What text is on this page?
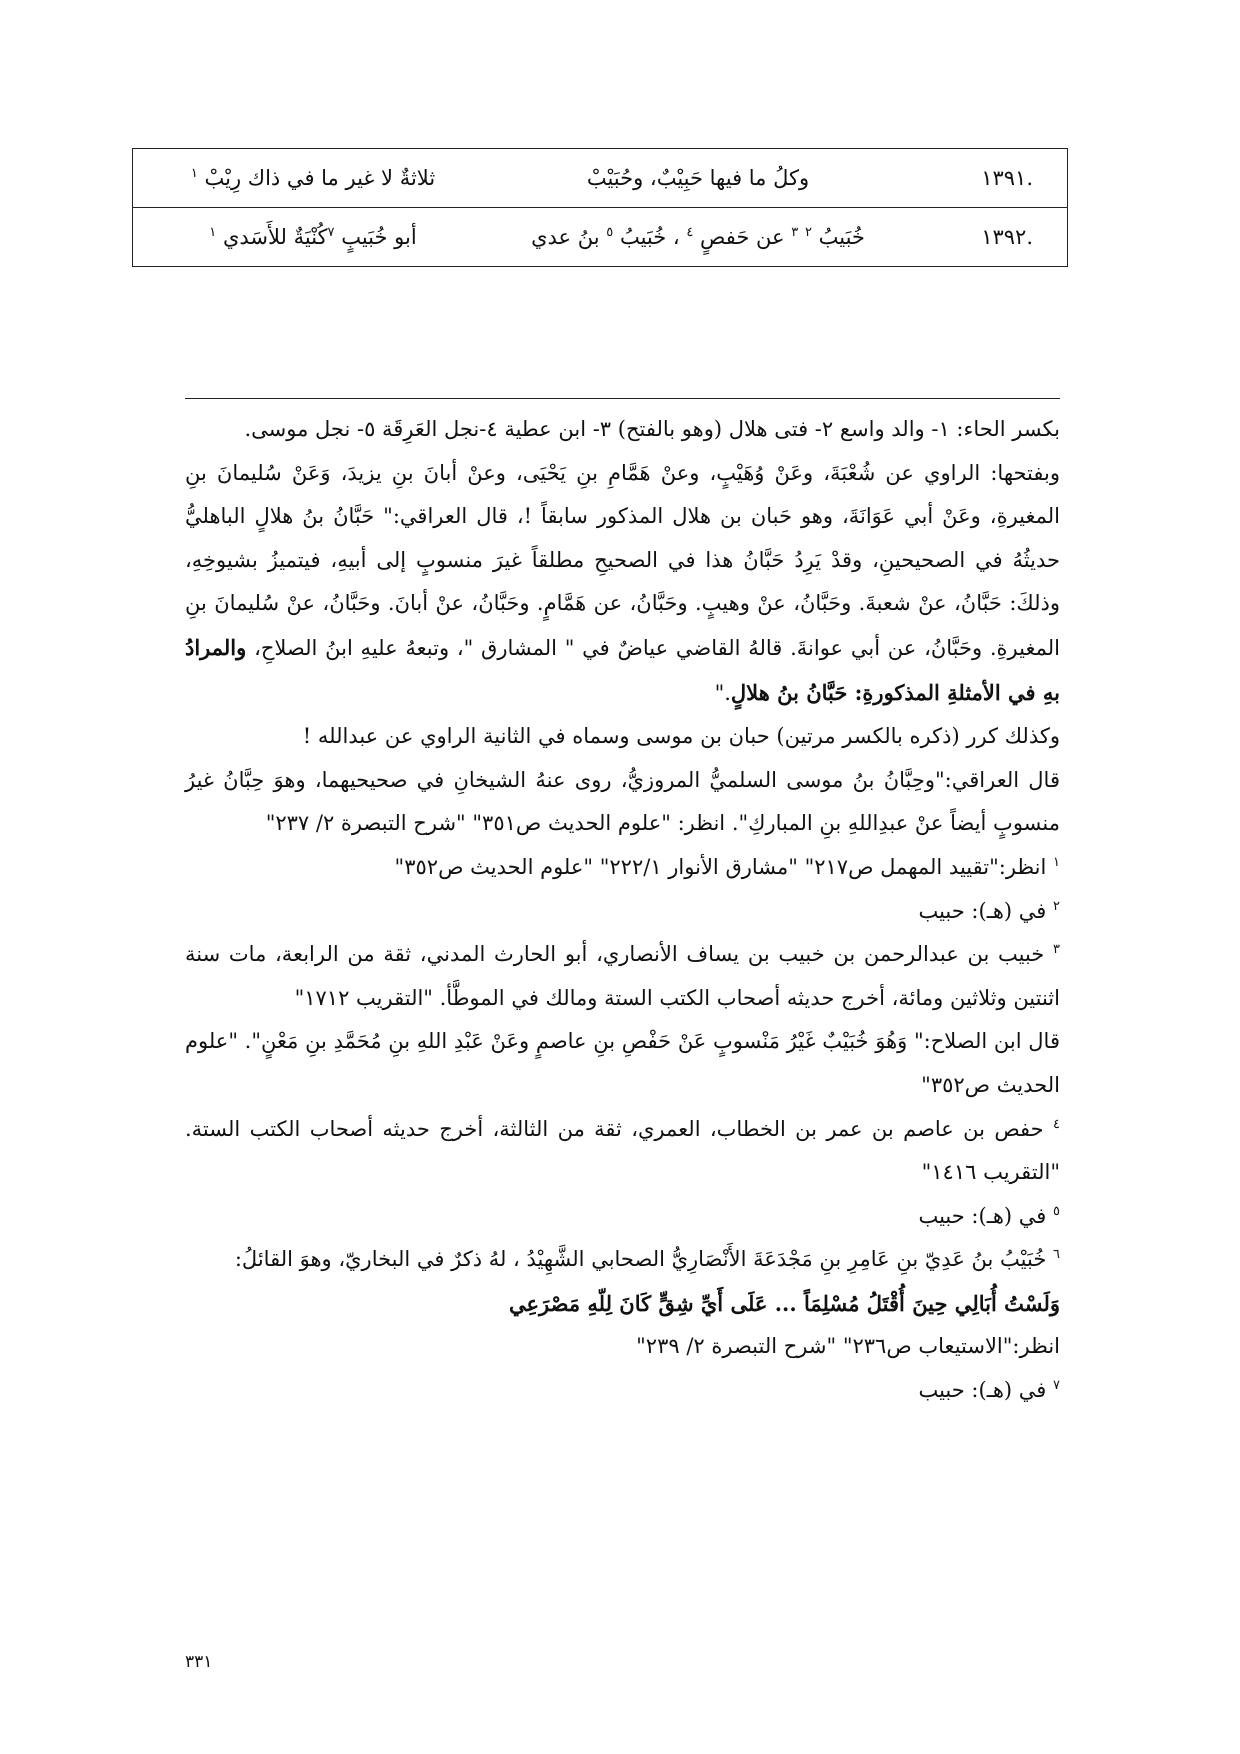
.١٣٩١	وكلُ ما فيها حَبِيْبٌ، وحُبَيْبْ	ثلاثةٌ لا غير ما في ذاك رِيْبْ $^١$
.١٣٩٢	خُبَيبُ $^٢$ $^٣$ عن حَفصٍ $^٤$ ، خُبَيبُ $^٥$ بنُ عدي	أبو خُبَيبٍ $^٧$كُنْيَةٌ للأَسَدي $^١$

بكسر الحاء: ١- والد واسع ٢- فتى هلال (وهو بالفتح) ٣- ابن عطية ٤-نجل العَرِقَة ٥- نجل موسى.

وبفتحها: الراوي عن شُعْبَةَ، وعَنْ وُهَيْبٍ، وعنْ هَمَّامِ بنِ يَحْيَى، وعنْ أبانَ بنِ يزيدَ، وَعَنْ سُليمانَ بنِ المغيرةِ، وعَنْ أبي عَوَانَةَ، وهو حَبان بن هلال المذكور سابقاً !، قال العراقي:" حَبَّانُ بنُ هلالٍ الباهليُّ حديثُهُ في الصحيحينِ، وقدْ يَرِدُ حَبَّانُ هذا في الصحيحِ مطلقاً غيرَ منسوبٍ إلى أبيهِ، فيتميزُ بشيوخِهِ، وذلكَ: حَبَّانُ، عنْ شعبةَ. وحَبَّانُ، عنْ وهيبٍ. وحَبَّانُ، عن هَمَّامٍ. وحَبَّانُ، عنْ أبانَ. وحَبَّانُ، عنْ سُليمانَ بنِ المغيرةِ. وحَبَّانُ، عن أبي عوانةَ. قالهُ القاضي عياضٌ في " المشارق "، وتبعهُ عليهِ ابنُ الصلاحِ، والمرادُ بهِ في الأمثلةِ المذكورةِ: حَبَّانُ بنُ هلالٍ."

وكذلك كرر (ذكره بالكسر مرتين) حبان بن موسى وسماه في الثانية الراوي عن عبدالله !

قال العراقي:"وحِبَّانُ بنُ موسى السلميُّ المروزيُّ، روى عنهُ الشيخانِ في صحيحيهما، وهوَ حِبَّانُ غيرُ منسوبٍ أيضاً عنْ عبدِاللهِ بنِ المباركِ". انظر: "علوم الحديث ص٣٥١" "شرح التبصرة ٢/ ٢٣٧"

$^١$ انظر:"تقييد المهمل ص٢١٧" "مشارق الأنوار ٢٢٢/١" "علوم الحديث ص٣٥٢"

$^٢$ في (هـ): حبيب

$^٣$ خبيب بن عبدالرحمن بن خبيب بن يساف الأنصاري، أبو الحارث المدني، ثقة من الرابعة، مات سنة اثنتين وثلاثين ومائة، أخرج حديثه أصحاب الكتب الستة ومالك في الموطَّأ. "التقريب ١٧١٢"

قال ابن الصلاح:" وَهُوَ خُبَيْبٌ غَيْرُ مَنْسوبٍ عَنْ حَفْصِ بنِ عاصمٍ وعَنْ عَبْدِ اللهِ بنِ مُحَمَّدِ بنِ مَعْنٍ". "علوم الحديث ص٣٥٢"

$^٤$ حفص بن عاصم بن عمر بن الخطاب، العمري، ثقة من الثالثة، أخرج حديثه أصحاب الكتب الستة. "التقريب ١٤١٦"

$^٥$ في (هـ): حبيب

$^٦$ خُبَيْبُ بنُ عَدِيّ بنِ عَامِرِ بنِ مَجْدَعَةَ الأَنْصَارِيُّ الصحابي الشَّهِيْدُ ، لهُ ذكرٌ في البخاريّ، وهوَ القائلُ:

وَلَسْتُ أُبَالِي حِينَ أُقْتَلُ مُسْلِمَاً ... عَلَى أَيِّ شِقٍّ كَانَ لِلّهِ مَصْرَعِي

انظر:"الاستيعاب ص٢٣٦" "شرح التبصرة ٢/ ٢٣٩"

$^٧$ في (هـ): حبيب

٣٣١
